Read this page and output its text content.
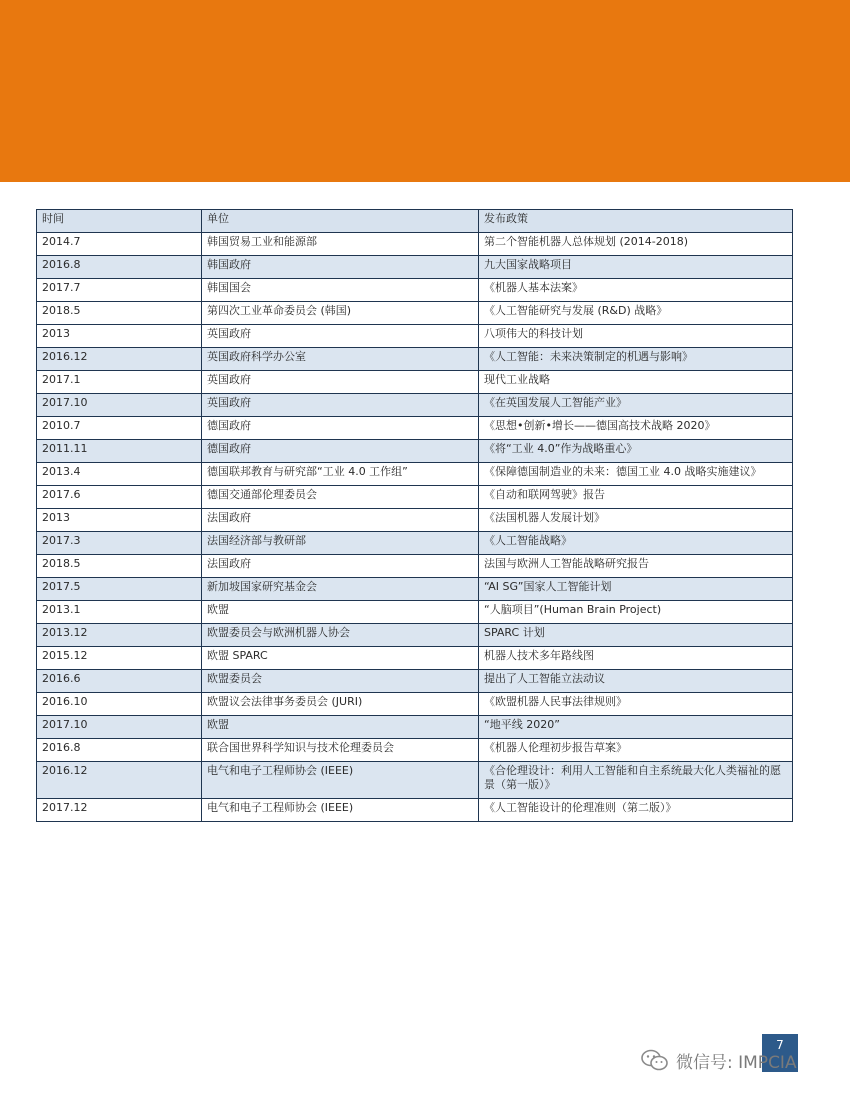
时间	单位	发布政策
2014.7	韩国贸易工业和能源部	第二个智能机器人总体规划 (2014-2018)
2016.8	韩国政府	九大国家战略项目
2017.7	韩国国会	《机器人基本法案》
2018.5	第四次工业革命委员会 (韩国)	《人工智能研究与发展 (R&D) 战略》
2013	英国政府	八项伟大的科技计划
2016.12	英国政府科学办公室	《人工智能：未来决策制定的机遇与影响》
2017.1	英国政府	现代工业战略
2017.10	英国政府	《在英国发展人工智能产业》
2010.7	德国政府	《思想•创新•增长——德国高技术战略 2020》
2011.11	德国政府	《将“工业 4.0”作为战略重心》
2013.4	德国联邦教育与研究部“工业 4.0 工作组”	《保障德国制造业的未来：德国工业 4.0 战略实施建议》
2017.6	德国交通部伦理委员会	《自动和联网驾驶》报告
2013	法国政府	《法国机器人发展计划》
2017.3	法国经济部与教研部	《人工智能战略》
2018.5	法国政府	法国与欧洲人工智能战略研究报告
2017.5	新加坡国家研究基金会	“AI SG”国家人工智能计划
2013.1	欧盟	“人脑项目”(Human Brain Project)
2013.12	欧盟委员会与欧洲机器人协会	SPARC 计划
2015.12	欧盟 SPARC	机器人技术多年路线图
2016.6	欧盟委员会	提出了人工智能立法动议
2016.10	欧盟议会法律事务委员会 (JURI)	《欧盟机器人民事法律规则》
2017.10	欧盟	“地平线 2020”
2016.8	联合国世界科学知识与技术伦理委员会	《机器人伦理初步报告草案》
2016.12	电气和电子工程师协会 (IEEE)	《合伦理设计：利用人工智能和自主系统最大化人类福祉的愿景（第一版）》
2017.12	电气和电子工程师协会 (IEEE)	《人工智能设计的伦理准则（第二版）》
7
微信号: IMPCIA
